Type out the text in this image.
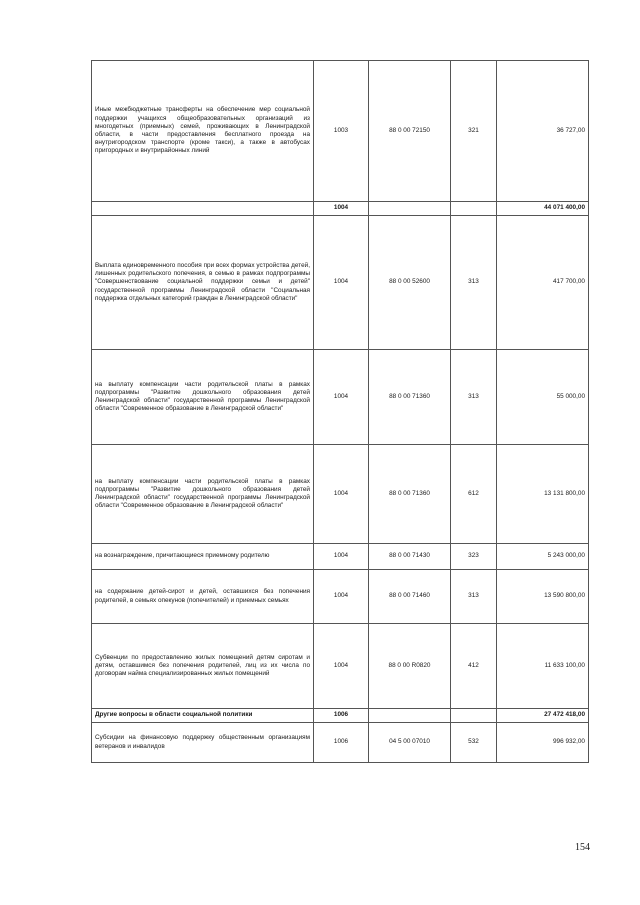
Иные межбюджетные трансферты на обеспечение мер социальной поддержки учащихся общеобразовательных организаций из многодетных (приемных) семей, проживающих в Ленинградской области, в части предоставления бесплатного проезда на внутригородском транспорте (кроме такси), а также в автобусах пригородных и внутрирайонных линий	1003	88 0 00 72150	321	36 727,00
	1004			44 071 400,00
Выплата единовременного пособия при всех формах устройства детей, лишенных родительского попечения, в семью в рамках подпрограммы "Совершенствование социальной поддержки семьи и детей" государственной программы Ленинградской области "Социальная поддержка отдельных категорий граждан в Ленинградской области"	1004	88 0 00 52600	313	417 700,00
на выплату компенсации части родительской платы в рамках подпрограммы "Развитие дошкольного образования детей Ленинградской области" государственной программы Ленинградской области "Современное образование в Ленинградской области"	1004	88 0 00 71360	313	55 000,00
на выплату компенсации части родительской платы в рамках подпрограммы "Развитие дошкольного образования детей Ленинградской области" государственной программы Ленинградской области "Современное образование в Ленинградской области"	1004	88 0 00 71360	612	13 131 800,00
на вознаграждение, причитающиеся приемному родителю	1004	88 0 00 71430	323	5 243 000,00
на содержание детей-сирот и детей, оставшихся без попечения родителей, в семьях опекунов (попечителей) и приемных семьях	1004	88 0 00 71460	313	13 590 800,00
Субвенции по предоставлению жилых помещений детям сиротам и детям, оставшимся без попечения родителей, лиц из их числа по договорам найма специализированных жилых помещений	1004	88 0 00 R0820	412	11 633 100,00
Другие вопросы в области социальной политики	1006			27 472 418,00
Субсидии на финансовую поддержку общественным организациям ветеранов и инвалидов	1006	04 5 00 07010	532	996 932,00
154
